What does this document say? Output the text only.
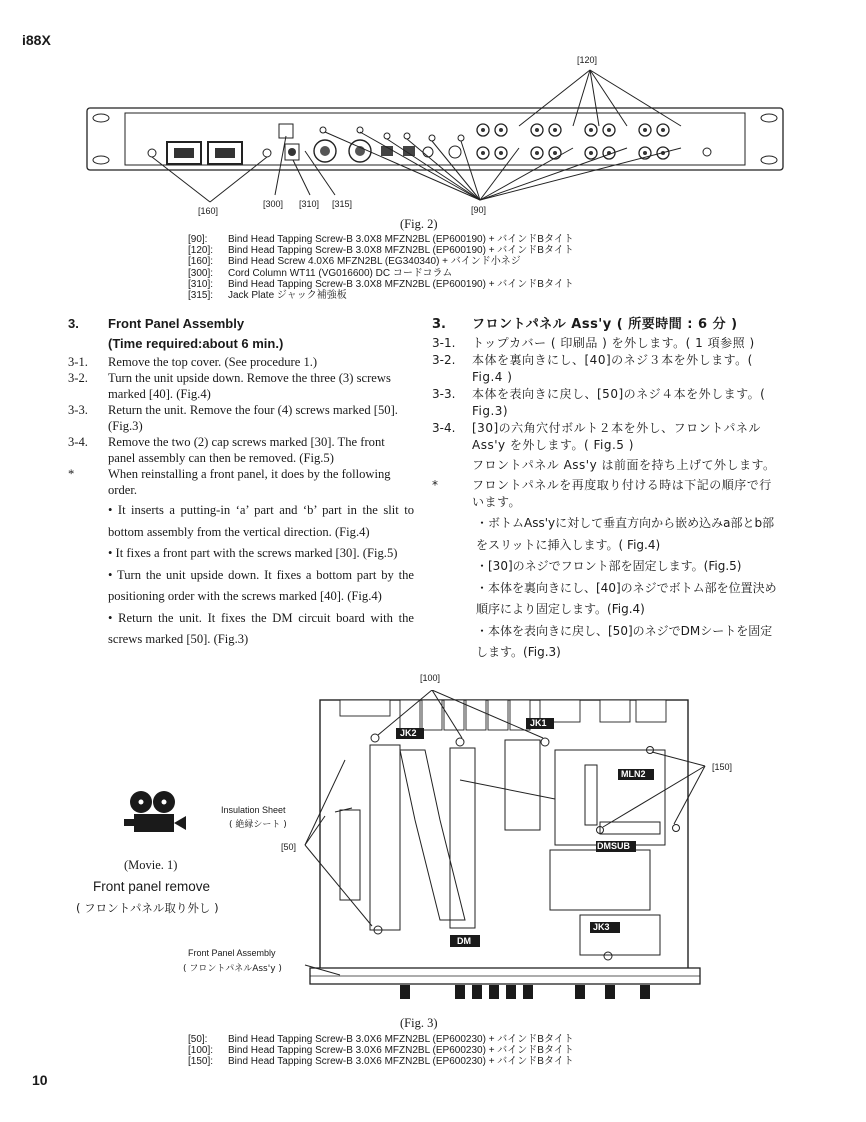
i88X
10
[120]
[160]
[300] [310] [315]
[90]
(Fig. 2)
[90]:	Bind Head Tapping Screw-B 3.0X8 MFZN2BL (EP600190) + バインドBタイト
[120]:	Bind Head Tapping Screw-B 3.0X8 MFZN2BL (EP600190) + バインドBタイト
[160]:	Bind Head Screw 4.0X6 MFZN2BL (EG340340) + バインド小ネジ
[300]:	Cord Column WT11 (VG016600) DC コードコラム
[310]:	Bind Head Tapping Screw-B 3.0X8 MFZN2BL (EP600190) + バインドBタイト
[315]:	Jack Plate ジャック補強板
3.	Front Panel Assembly
(Time required:about 6 min.)
3-1.	Remove the top cover. (See procedure 1.)
3-2.	Turn the unit upside down. Remove the three (3) screws marked [40]. (Fig.4)
3-3.	Return the unit. Remove the four (4) screws marked [50]. (Fig.3)
3-4.	Remove the two (2) cap screws marked [30]. The front panel assembly can then be removed. (Fig.5)
*	When reinstalling a front panel, it does by the following order.
• It inserts a putting-in ‘a’ part and ‘b’ part in the slit to bottom assembly from the vertical direction. (Fig.4)
• It fixes a front part with the screws marked [30]. (Fig.5)
• Turn the unit upside down. It fixes a bottom part by the positioning order with the screws marked [40]. (Fig.4)
• Return the unit. It fixes the DM circuit board with the screws marked [50]. (Fig.3)
3.	フロントパネル Ass'y ( 所要時間 : 6 分 )
3-1.	トップカバー ( 印刷品 ) を外します。( 1 項参照 )
3-2.	本体を裏向きにし、[40]のネジ３本を外します。( Fig.4 )
3-3.	本体を表向きに戻し、[50]のネジ４本を外します。( Fig.3)
3-4.	[30]の六角穴付ボルト２本を外し、フロントパネル Ass'y を外します。( Fig.5 )
フロントパネル Ass'y は前面を持ち上げて外します。
*	フロントパネルを再度取り付ける時は下記の順序で行います。
・ボトムAss'yに対して垂直方向から嵌め込みa部とb部をスリットに挿入します。( Fig.4)
・[30]のネジでフロント部を固定します。(Fig.5)
・本体を裏向きにし、[40]のネジでボトム部を位置決め順序により固定します。(Fig.4)
・本体を表向きに戻し、[50]のネジでDMシートを固定します。(Fig.3)
(Movie. 1)
Front panel remove
( フロントパネル取り外し )
[100]
[150]
[50]
Insulation Sheet
( 絶縁シート )
Front Panel Assembly
( フロントパネルAss'y )
JK1
JK2
JK3
MLN2
DMSUB
DM
(Fig. 3)
[50]:	Bind Head Tapping Screw-B 3.0X6 MFZN2BL (EP600230) + バインドBタイト
[100]:	Bind Head Tapping Screw-B 3.0X6 MFZN2BL (EP600230) + バインドBタイト
[150]:	Bind Head Tapping Screw-B 3.0X6 MFZN2BL (EP600230) + バインドBタイト
